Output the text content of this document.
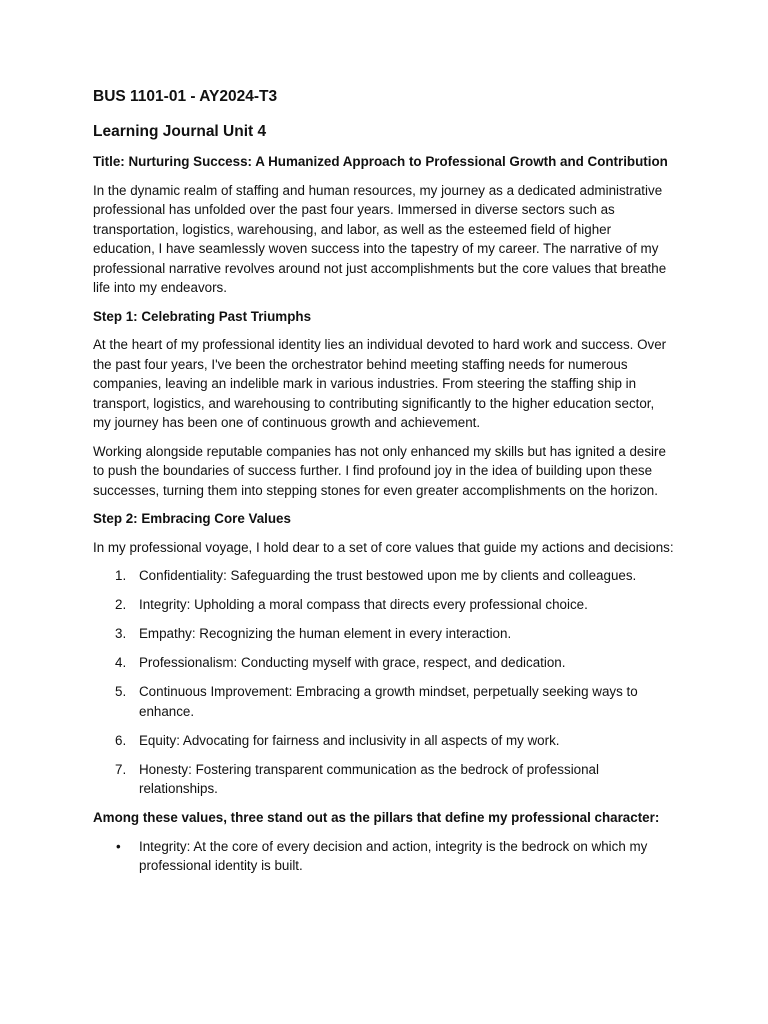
BUS 1101-01 - AY2024-T3
Learning Journal Unit 4
Title: Nurturing Success: A Humanized Approach to Professional Growth and Contribution
In the dynamic realm of staffing and human resources, my journey as a dedicated administrative professional has unfolded over the past four years. Immersed in diverse sectors such as transportation, logistics, warehousing, and labor, as well as the esteemed field of higher education, I have seamlessly woven success into the tapestry of my career. The narrative of my professional narrative revolves around not just accomplishments but the core values that breathe life into my endeavors.
Step 1: Celebrating Past Triumphs
At the heart of my professional identity lies an individual devoted to hard work and success. Over the past four years, I've been the orchestrator behind meeting staffing needs for numerous companies, leaving an indelible mark in various industries. From steering the staffing ship in transport, logistics, and warehousing to contributing significantly to the higher education sector, my journey has been one of continuous growth and achievement.
Working alongside reputable companies has not only enhanced my skills but has ignited a desire to push the boundaries of success further. I find profound joy in the idea of building upon these successes, turning them into stepping stones for even greater accomplishments on the horizon.
Step 2: Embracing Core Values
In my professional voyage, I hold dear to a set of core values that guide my actions and decisions:
1. Confidentiality: Safeguarding the trust bestowed upon me by clients and colleagues.
2. Integrity: Upholding a moral compass that directs every professional choice.
3. Empathy: Recognizing the human element in every interaction.
4. Professionalism: Conducting myself with grace, respect, and dedication.
5. Continuous Improvement: Embracing a growth mindset, perpetually seeking ways to enhance.
6. Equity: Advocating for fairness and inclusivity in all aspects of my work.
7. Honesty: Fostering transparent communication as the bedrock of professional relationships.
Among these values, three stand out as the pillars that define my professional character:
• Integrity: At the core of every decision and action, integrity is the bedrock on which my professional identity is built.
